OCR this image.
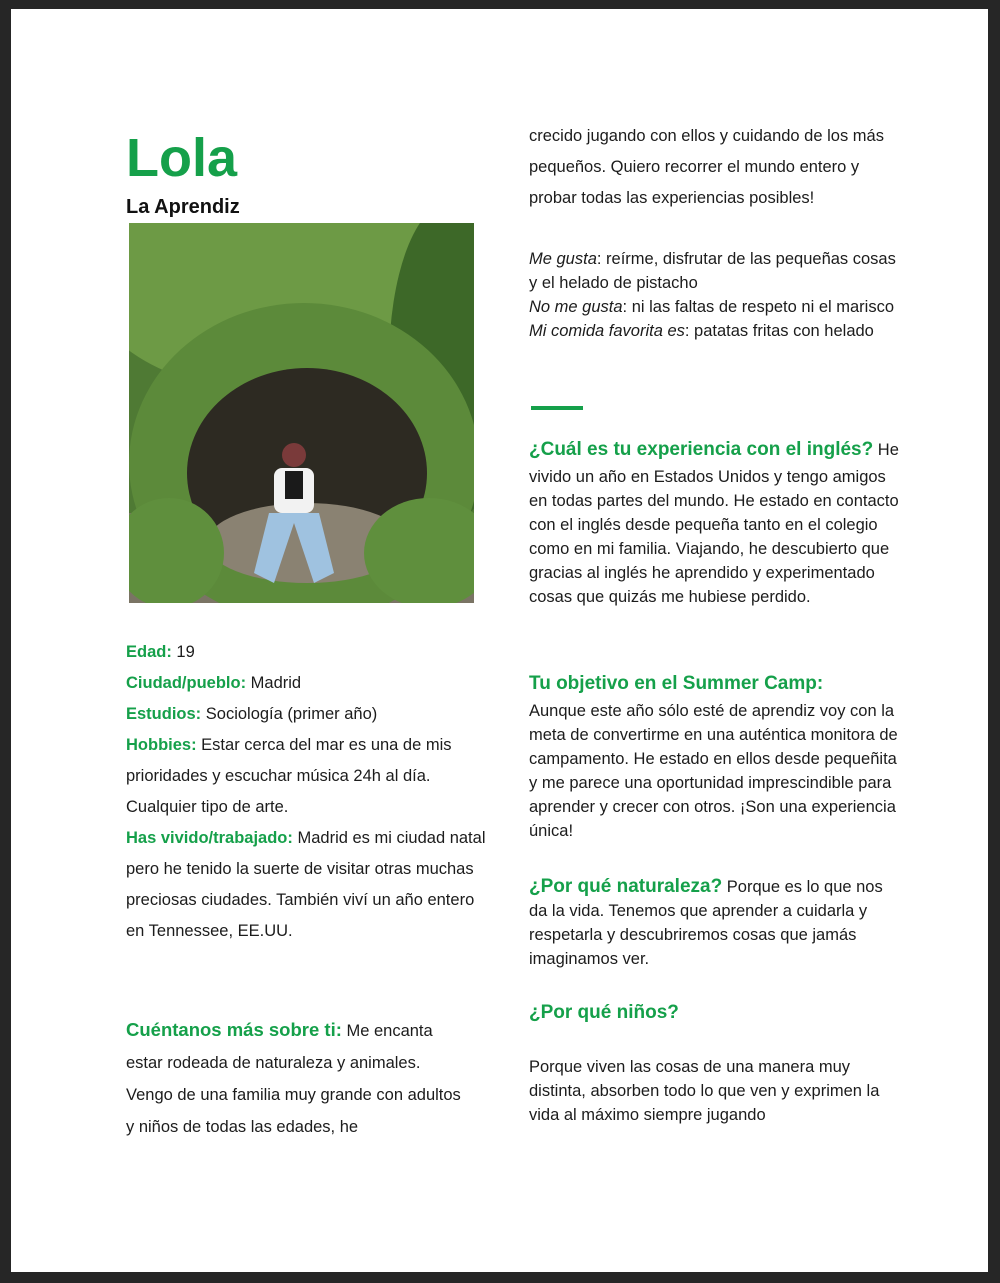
Lola
La Aprendiz
Edad: 19
Ciudad/pueblo: Madrid
Estudios: Sociología (primer año)
Hobbies: Estar cerca del mar es una de mis prioridades y escuchar música 24h al día. Cualquier tipo de arte.
Has vivido/trabajado: Madrid es mi ciudad natal pero he tenido la suerte de visitar otras muchas preciosas ciudades. También viví un año entero en Tennessee, EE.UU.
Cuéntanos más sobre ti: Me encanta estar rodeada de naturaleza y animales. Vengo de una familia muy grande con adultos y niños de todas las edades, he
crecido jugando con ellos y cuidando de los más pequeños. Quiero recorrer el mundo entero y probar todas las experiencias posibles!
Me gusta: reírme, disfrutar de las pequeñas cosas y el helado de pistacho
No me gusta: ni las faltas de respeto ni el marisco
Mi comida favorita es: patatas fritas con helado
¿Cuál es tu experiencia con el inglés? He vivido un año en Estados Unidos y tengo amigos en todas partes del mundo. He estado en contacto con el inglés desde pequeña tanto en el colegio como en mi familia. Viajando, he descubierto que gracias al inglés he aprendido y experimentado cosas que quizás me hubiese perdido.
Tu objetivo en el Summer Camp:
Aunque este año sólo esté de aprendiz voy con la meta de convertirme en una auténtica monitora de campamento. He estado en ellos desde pequeñita y me parece una oportunidad imprescindible para aprender y crecer con otros. ¡Son una experiencia única!
¿Por qué naturaleza? Porque es lo que nos da la vida. Tenemos que aprender a cuidarla y respetarla y descubriremos cosas que jamás imaginamos ver.
¿Por qué niños?
Porque viven las cosas de una manera muy distinta, absorben todo lo que ven y exprimen la vida al máximo siempre jugando
